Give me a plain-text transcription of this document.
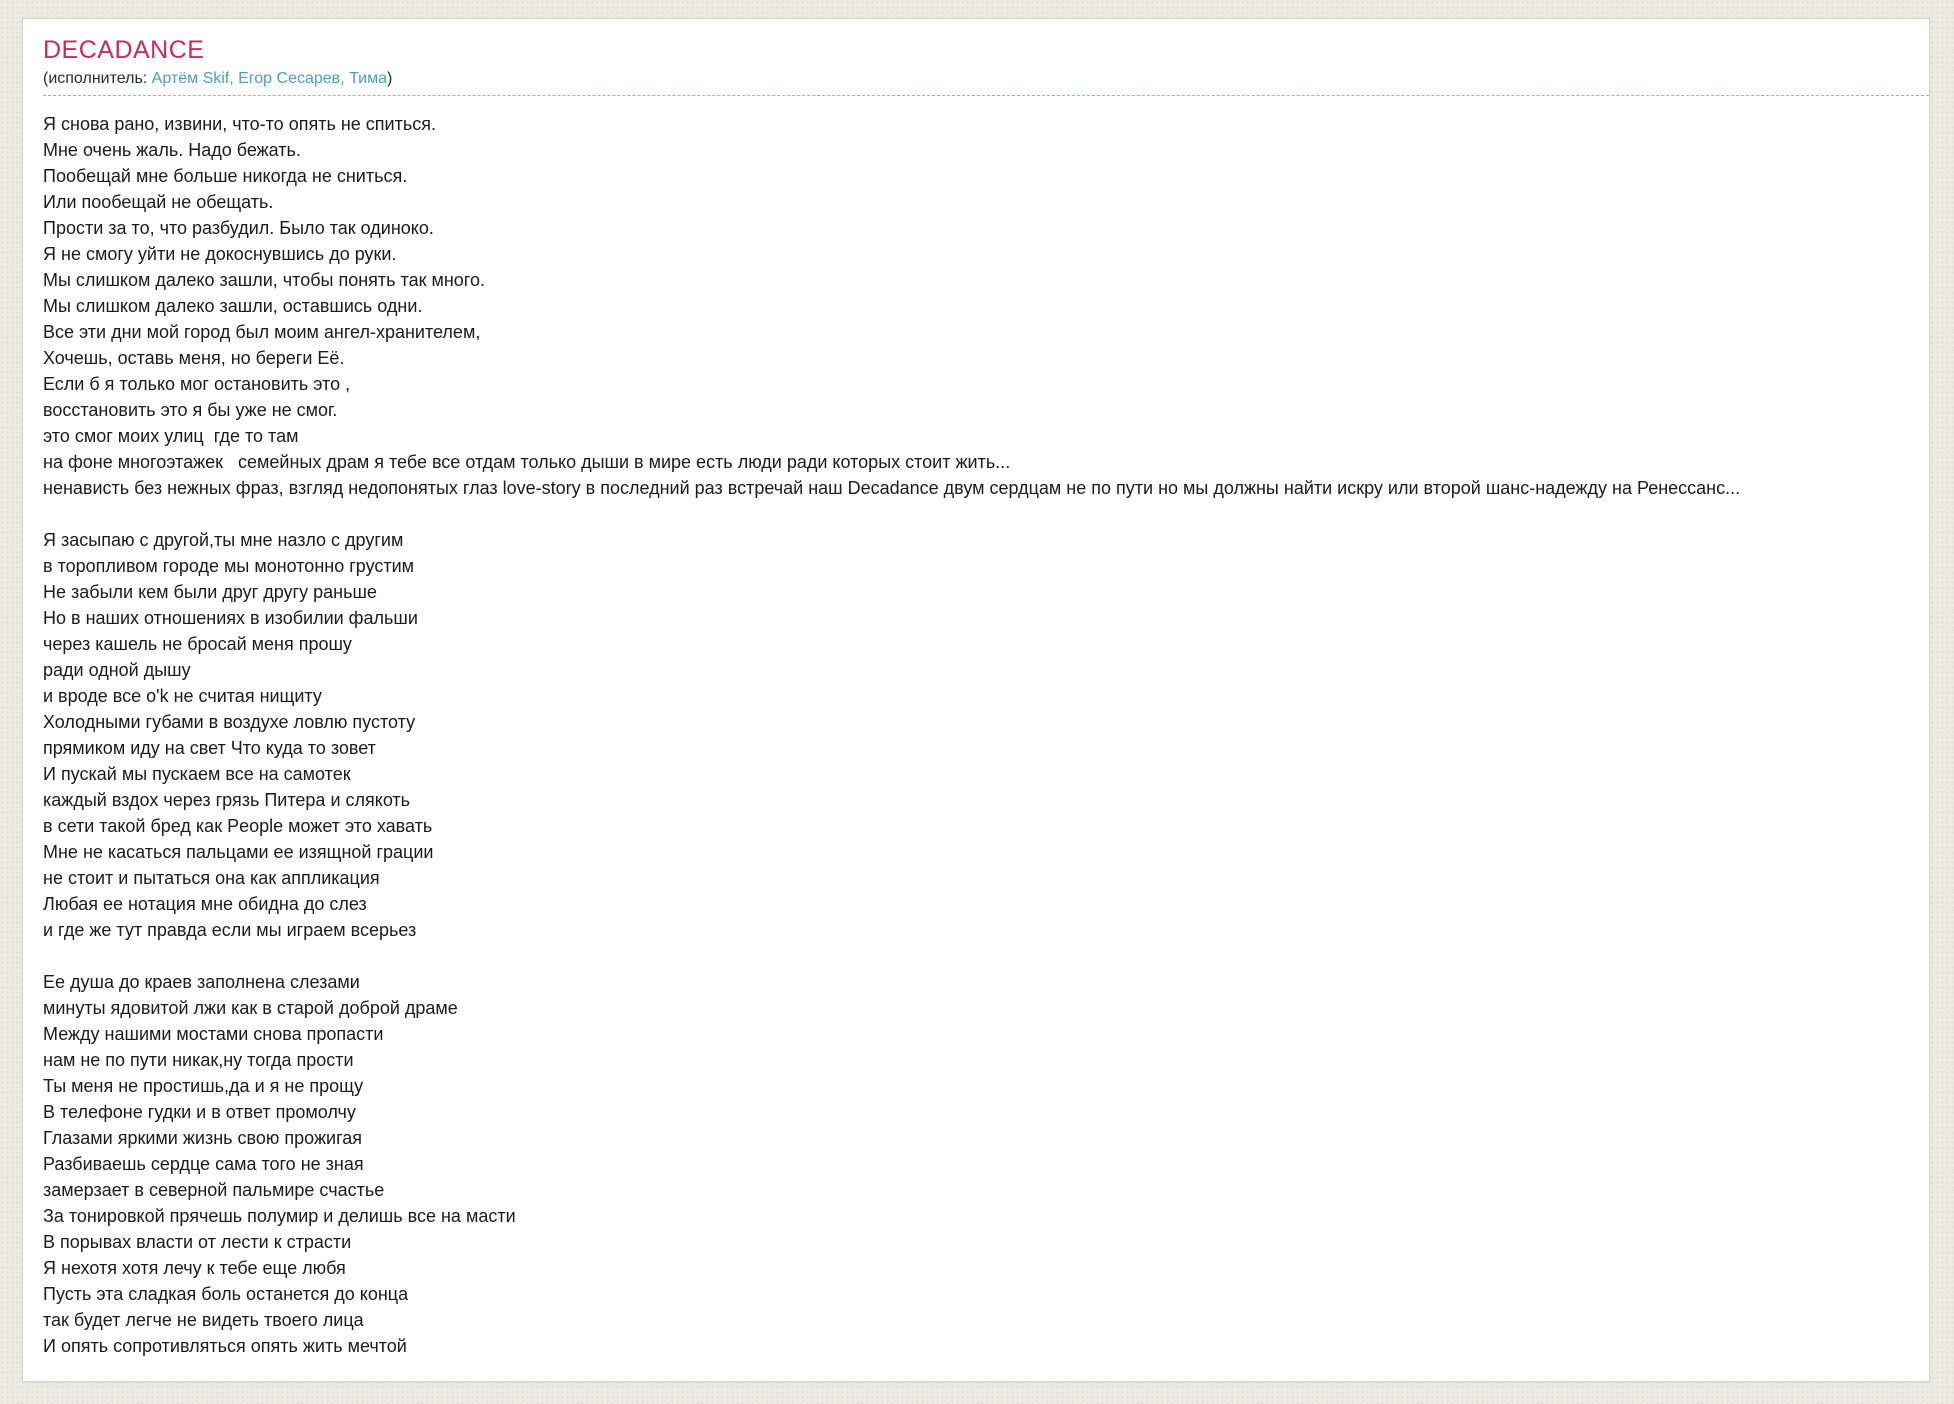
DECADANCE
(исполнитель: Артём Skif, Егор Сесарев, Тима)
Я снова рано, извини, что-то опять не спиться.
Мне очень жаль. Надо бежать.
Пообещай мне больше никогда не сниться.
Или пообещай не обещать.
Прости за то, что разбудил. Было так одиноко.
Я не смогу уйти не докоснувшись до руки.
Мы слишком далеко зашли, чтобы понять так много.
Мы слишком далеко зашли, оставшись одни.
Все эти дни мой город был моим ангел-хранителем,
Хочешь, оставь меня, но береги Её.
Если б я только мог остановить это ,
восстановить это я бы уже не смог.
это смог моих улиц  где то там
на фоне многоэтажек   семейных драм я тебе все отдам только дыши в мире есть люди ради которых стоит жить...
ненависть без нежных фраз, взгляд недопонятых глаз love-story в последний раз встречай наш Decadance двум сердцам не по пути но мы должны найти искру или второй шанс-надежду на Ренессанс...
Я засыпаю с другой,ты мне назло с другим
в торопливом городе мы монотонно грустим
Не забыли кем были друг другу раньше
Но в наших отношениях в изобилии фальши
через кашель не бросай меня прошу
ради одной дышу
и вроде все o'k не считая нищиту
Холодными губами в воздухе ловлю пустоту
прямиком иду на свет Что куда то зовет
И пускай мы пускаем все на самотек
каждый вздох через грязь Питера и слякоть
в сети такой бред как People может это хавать
Мне не касаться пальцами ее изящной грации
не стоит и пытаться она как аппликация
Любая ее нотация мне обидна до слез
и где же тут правда если мы играем всерьез
Ее душа до краев заполнена слезами
минуты ядовитой лжи как в старой доброй драме
Между нашими мостами снова пропасти
нам не по пути никак,ну тогда прости
Ты меня не простишь,да и я не прощу
В телефоне гудки и в ответ промолчу
Глазами яркими жизнь свою прожигая
Разбиваешь сердце сама того не зная
замерзает в северной пальмире счастье
За тонировкой прячешь полумир и делишь все на масти
В порывах власти от лести к страсти
Я нехотя хотя лечу к тебе еще любя
Пусть эта сладкая боль останется до конца
так будет легче не видеть твоего лица
И опять сопротивляться опять жить мечтой
